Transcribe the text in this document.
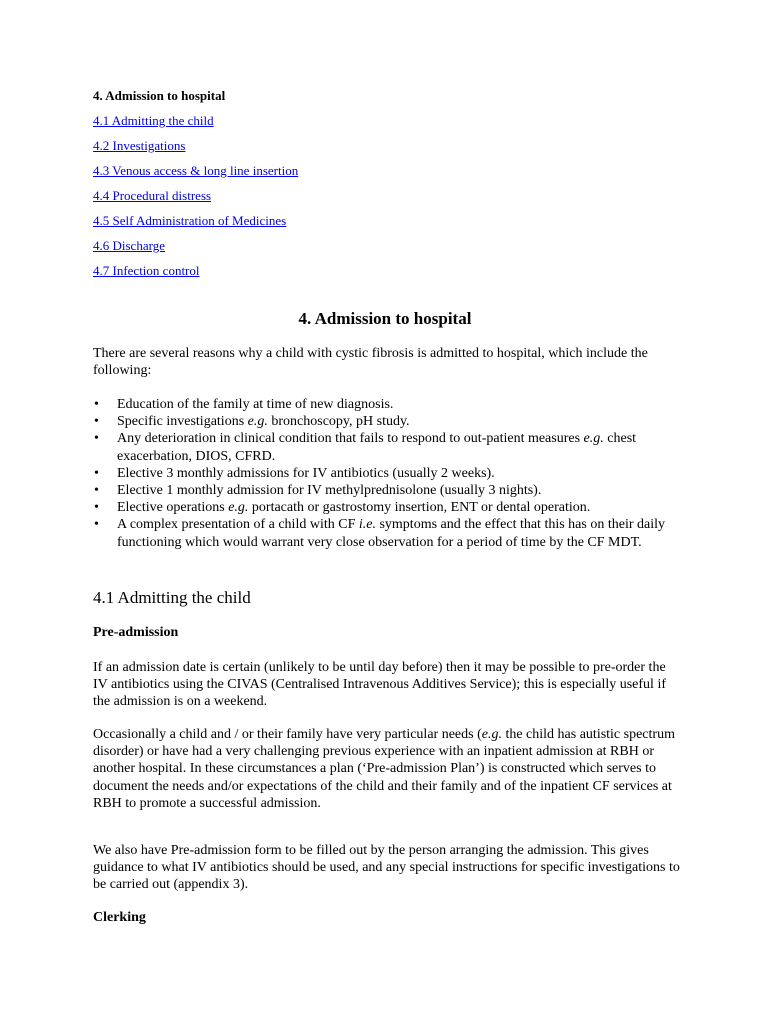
4. Admission to hospital
4.1 Admitting the child
4.2 Investigations
4.3 Venous access & long line insertion
4.4 Procedural distress
4.5 Self Administration of Medicines
4.6 Discharge
4.7 Infection control
4. Admission to hospital

There are several reasons why a child with cystic fibrosis is admitted to hospital, which include the following:

• Education of the family at time of new diagnosis.
• Specific investigations e.g. bronchoscopy, pH study.
• Any deterioration in clinical condition that fails to respond to out-patient measures e.g. chest exacerbation, DIOS, CFRD.
• Elective 3 monthly admissions for IV antibiotics (usually 2 weeks).
• Elective 1 monthly admission for IV methylprednisolone (usually 3 nights).
• Elective operations e.g. portacath or gastrostomy insertion, ENT or dental operation.
• A complex presentation of a child with CF i.e. symptoms and the effect that this has on their daily functioning which would warrant very close observation for a period of time by the CF MDT.
4.1 Admitting the child
Pre-admission

If an admission date is certain (unlikely to be until day before) then it may be possible to pre-order the IV antibiotics using the CIVAS (Centralised Intravenous Additives Service); this is especially useful if the admission is on a weekend.

Occasionally a child and / or their family have very particular needs (e.g. the child has autistic spectrum disorder) or have had a very challenging previous experience with an inpatient admission at RBH or another hospital. In these circumstances a plan (‘Pre-admission Plan’) is constructed which serves to document the needs and/or expectations of the child and their family and of the inpatient CF services at RBH to promote a successful admission.

We also have Pre-admission form to be filled out by the person arranging the admission. This gives guidance to what IV antibiotics should be used, and any special instructions for specific investigations to be carried out (appendix 3).

Clerking
